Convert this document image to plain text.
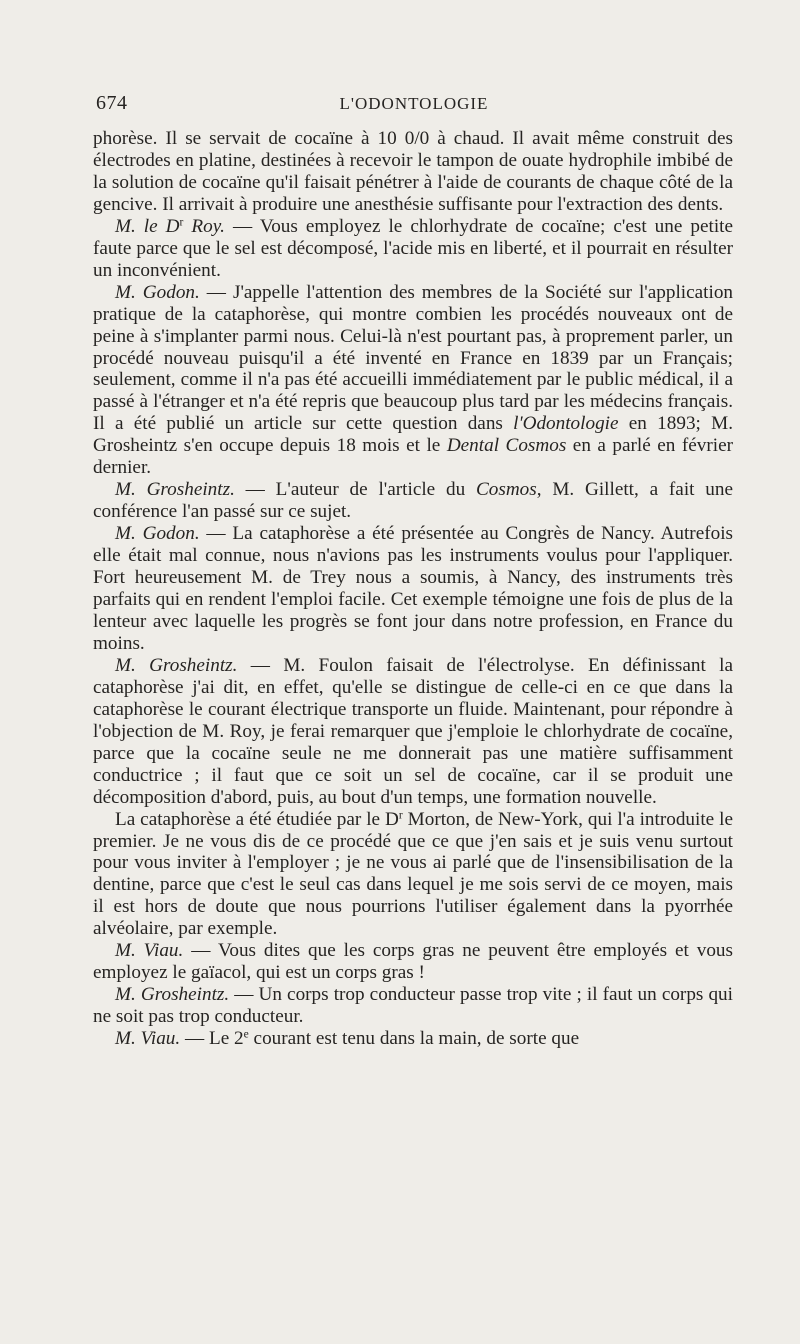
674	L'ODONTOLOGIE

phorèse. Il se servait de cocaïne à 10 0/0 à chaud. Il avait même construit des électrodes en platine, destinées à recevoir le tampon de ouate hydrophile imbibé de la solution de cocaïne qu'il faisait pénétrer à l'aide de courants de chaque côté de la gencive. Il arrivait à produire une anesthésie suffisante pour l'extraction des dents.

M. le $D^r$ Roy. — Vous employez le chlorhydrate de cocaïne; c'est une petite faute parce que le sel est décomposé, l'acide mis en liberté, et il pourrait en résulter un inconvénient.

M. Godon. — J'appelle l'attention des membres de la Société sur l'application pratique de la cataphorèse, qui montre combien les procédés nouveaux ont de peine à s'implanter parmi nous. Celui-là n'est pourtant pas, à proprement parler, un procédé nouveau puisqu'il a été inventé en France en 1839 par un Français; seulement, comme il n'a pas été accueilli immédiatement par le public médical, il a passé à l'étranger et n'a été repris que beaucoup plus tard par les médecins français. Il a été publié un article sur cette question dans l'Odontologie en 1893; M. Grosheintz s'en occupe depuis 18 mois et le Dental Cosmos en a parlé en février dernier.

M. Grosheintz. — L'auteur de l'article du Cosmos, M. Gillett, a fait une conférence l'an passé sur ce sujet.

M. Godon. — La cataphorèse a été présentée au Congrès de Nancy. Autrefois elle était mal connue, nous n'avions pas les instruments voulus pour l'appliquer. Fort heureusement M. de Trey nous a soumis, à Nancy, des instruments très parfaits qui en rendent l'emploi facile. Cet exemple témoigne une fois de plus de la lenteur avec laquelle les progrès se font jour dans notre profession, en France du moins.

M. Grosheintz. — M. Foulon faisait de l'électrolyse. En définissant la cataphorèse j'ai dit, en effet, qu'elle se distingue de celle-ci en ce que dans la cataphorèse le courant électrique transporte un fluide. Maintenant, pour répondre à l'objection de M. Roy, je ferai remarquer que j'emploie le chlorhydrate de cocaïne, parce que la cocaïne seule ne me donnerait pas une matière suffisamment conductrice ; il faut que ce soit un sel de cocaïne, car il se produit une décomposition d'abord, puis, au bout d'un temps, une formation nouvelle.

La cataphorèse a été étudiée par le $D^r$ Morton, de New-York, qui l'a introduite le premier. Je ne vous dis de ce procédé que ce que j'en sais et je suis venu surtout pour vous inviter à l'employer ; je ne vous ai parlé que de l'insensibilisation de la dentine, parce que c'est le seul cas dans lequel je me sois servi de ce moyen, mais il est hors de doute que nous pourrions l'utiliser également dans la pyorrhée alvéolaire, par exemple.

M. Viau. — Vous dites que les corps gras ne peuvent être employés et vous employez le gaïacol, qui est un corps gras !

M. Grosheintz. — Un corps trop conducteur passe trop vite ; il faut un corps qui ne soit pas trop conducteur.

M. Viau. — Le 2e courant est tenu dans la main, de sorte que
